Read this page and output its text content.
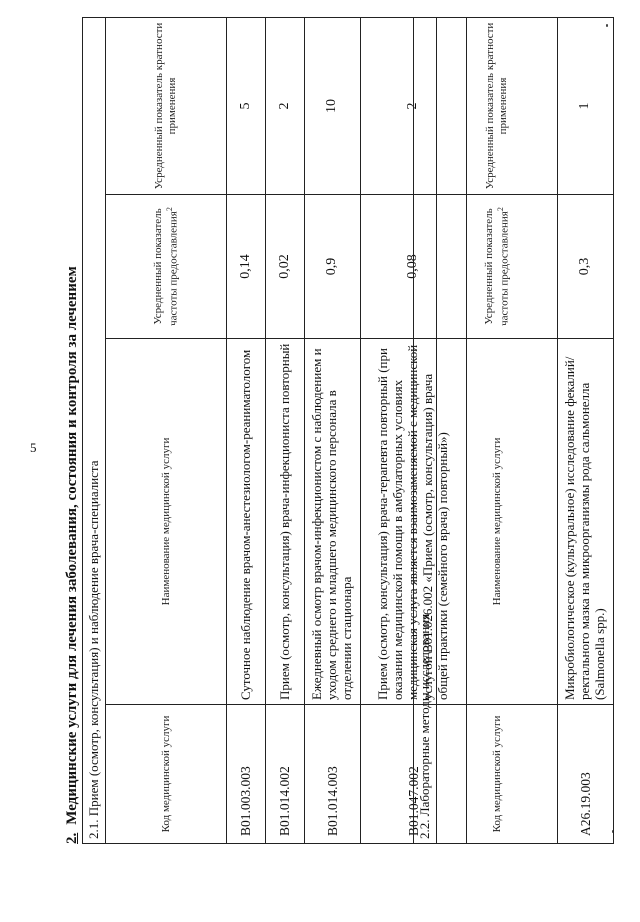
5
2.Медицинские услуги для лечения заболевания, состояния и контроля за лечением 2.1. Прием (осмотр, консультация) и наблюдение врача-специалиста			
Код медицинской услуги	Наименование медицинской услуги	Усредненный показатель частоты предоставления$^2$	Усредненный показатель кратности применения
В01.003.003	Суточное наблюдение врачом-анестезиологом-реаниматологом	0,14	5
В01.014.002	Прием (осмотр, консультация) врача-инфекциониста повторный	0,02	2
В01.014.003	Ежедневный осмотр врачом-инфекционистом с наблюдением и уходом среднего и младшего медицинского персонала в отделении стационара	0,9	10
В01.047.002	Прием (осмотр, консультация) врача-терапевта повторный (при оказании медицинской помощи в амбулаторных условиях медицинская услуга является взаимозаменяемой с медицинской услугой B01.026.002 «Прием (осмотр, консультация) врача общей практики (семейного врача) повторный»)	0,08	2
2.2. Лабораторные методы исследования			
Код медицинской услуги	Наименование медицинской услуги	Усредненный показатель частоты предоставления$^2$	Усредненный показатель кратности применения
А26.19.003	Микробиологическое (культуральное) исследование фекалий/ректального мазка на микроорганизмы рода сальмонелла (Salmonella spp.)	0,3	1
